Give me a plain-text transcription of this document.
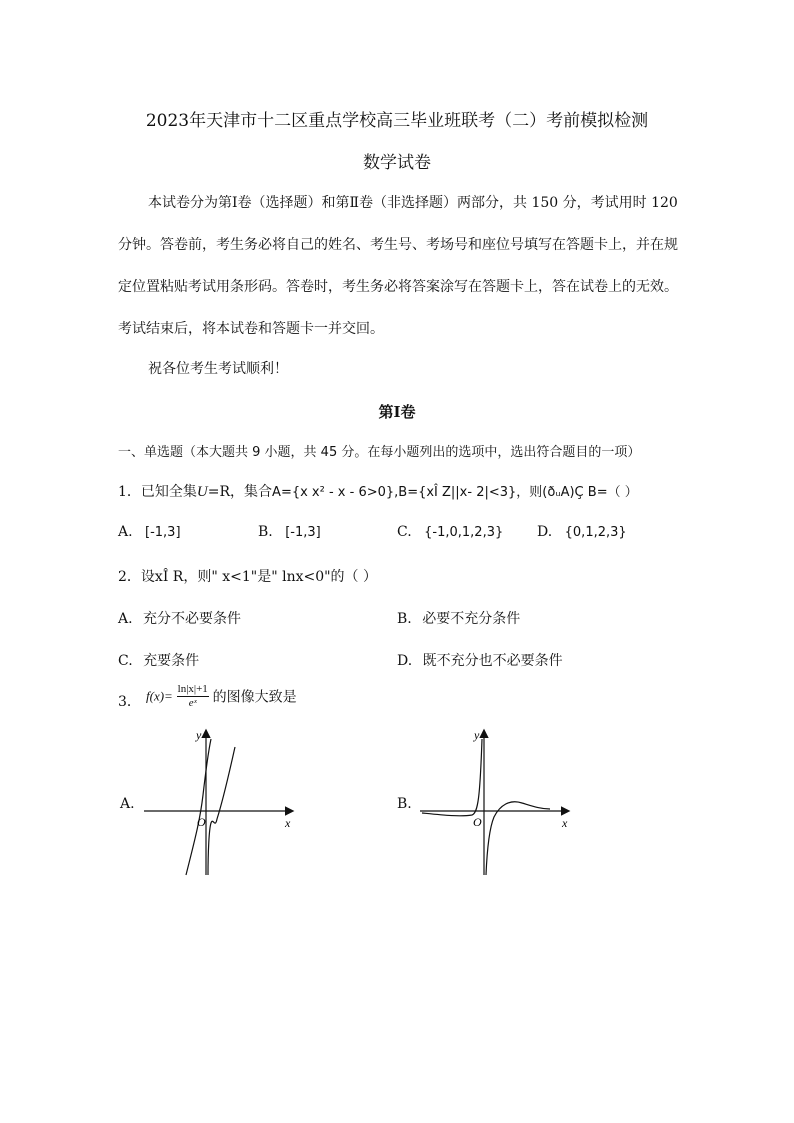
2023年天津市十二区重点学校高三毕业班联考（二）考前模拟检测
数学试卷
本试卷分为第Ⅰ卷（选择题）和第Ⅱ卷（非选择题）两部分，共 150 分，考试用时 120
分钟。答卷前，考生务必将自己的姓名、考生号、考场号和座位号填写在答题卡上，并在规
定位置粘贴考试用条形码。答卷时，考生务必将答案涂写在答题卡上，答在试卷上的无效。
考试结束后，将本试卷和答题卡一并交回。
祝各位考生考试顺利！
第Ⅰ卷
一、单选题（本大题共 9 小题，共 45 分。在每小题列出的选项中，选出符合题目的一项）
1．已知全集U=R，集合A={x x² - x - 6>0},B={xÎ Z||x- 2|<3}，则(ðᵤA)Ç B=（ ）
A. [-1,3]	B. [-1,3]	C. {-1,0,1,2,3} D. {0,1,2,3}
2．设xÎ R，则" x<1"是" lnx<0"的（ ）
A. 充分不必要条件	B. 必要不充分条件
C. 充要条件	D. 既不充分也不必要条件
3． $f(x)= \frac{\ln|x|+1}{\text{eˣ}}$ 的图像大致是
A.
x
y
O
B.
x
y
O
